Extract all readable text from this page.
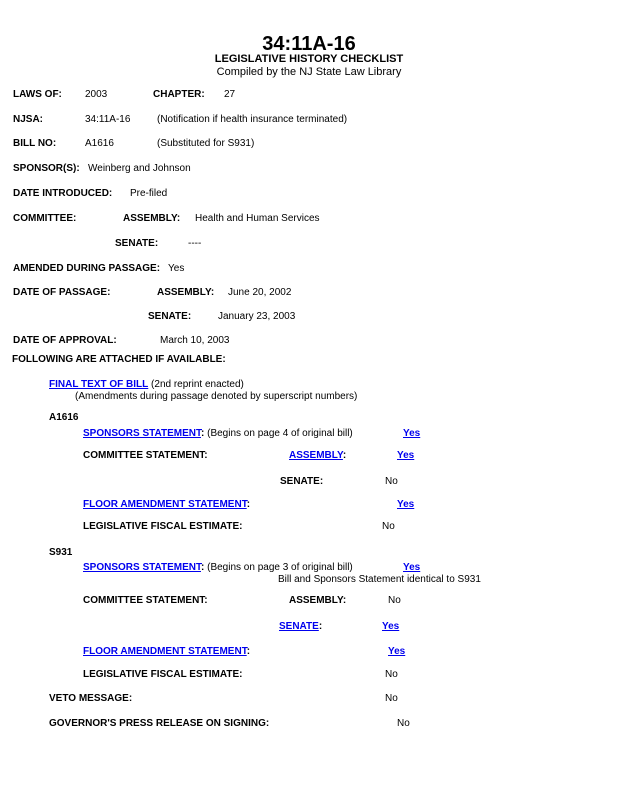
34:11A-16
LEGISLATIVE HISTORY CHECKLIST
Compiled by the NJ State Law Library
LAWS OF: 2003	CHAPTER: 27
NJSA:	34:11A-16	(Notification if health insurance terminated)
BILL NO:	A1616	(Substituted for S931)
SPONSOR(S): Weinberg and Johnson
DATE INTRODUCED: Pre-filed
COMMITTEE:	ASSEMBLY: Health and Human Services
SENATE:	----
AMENDED DURING PASSAGE: Yes
DATE OF PASSAGE:	ASSEMBLY: June 20, 2002
SENATE:	January 23, 2003
DATE OF APPROVAL:	March 10, 2003
FOLLOWING ARE ATTACHED IF AVAILABLE:
FINAL TEXT OF BILL (2nd reprint enacted)
(Amendments during passage denoted by superscript numbers)
A1616
SPONSORS STATEMENT: (Begins on page 4 of original bill)	Yes
COMMITTEE STATEMENT:	ASSEMBLY:	Yes
SENATE:	No
FLOOR AMENDMENT STATEMENT:	Yes
LEGISLATIVE FISCAL ESTIMATE:	No
S931
SPONSORS STATEMENT: (Begins on page 3 of original bill)	Yes
Bill and Sponsors Statement identical to S931
COMMITTEE STATEMENT:	ASSEMBLY:	No
SENATE:	Yes
FLOOR AMENDMENT STATEMENT:	Yes
LEGISLATIVE FISCAL ESTIMATE:	No
VETO MESSAGE:	No
GOVERNOR'S PRESS RELEASE ON SIGNING:	No
